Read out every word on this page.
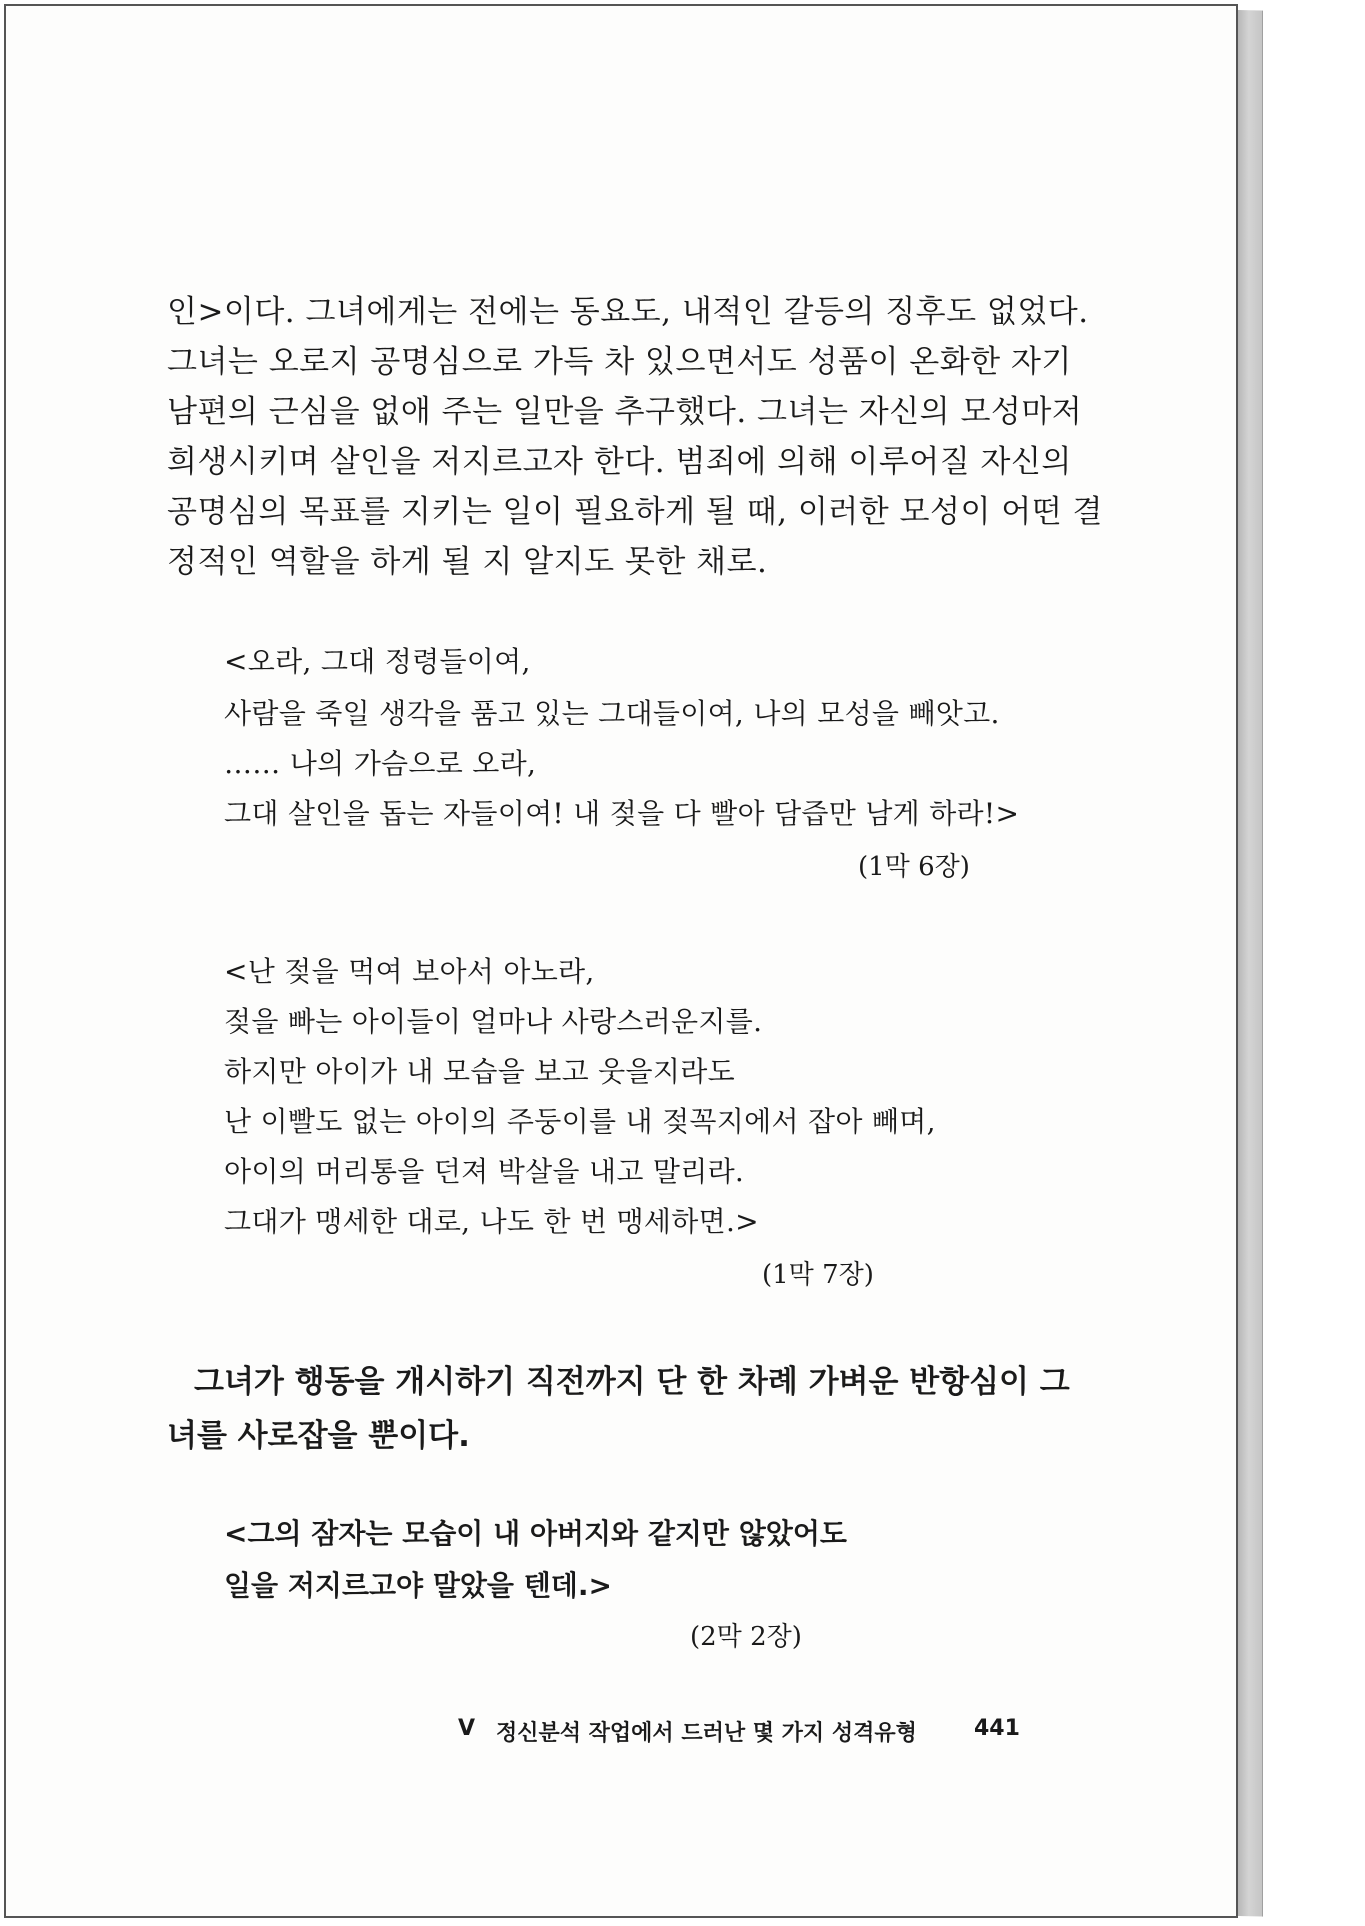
인>이다. 그녀에게는 전에는 동요도, 내적인 갈등의 징후도 없었다.
그녀는 오로지 공명심으로 가득 차 있으면서도 성품이 온화한 자기
남편의 근심을 없애 주는 일만을 추구했다. 그녀는 자신의 모성마저
희생시키며 살인을 저지르고자 한다. 범죄에 의해 이루어질 자신의
공명심의 목표를 지키는 일이 필요하게 될 때, 이러한 모성이 어떤 결
정적인 역할을 하게 될 지 알지도 못한 채로.
<오라, 그대 정령들이여,
사람을 죽일 생각을 품고 있는 그대들이여, 나의 모성을 빼앗고.
…… 나의 가슴으로 오라,
그대 살인을 돕는 자들이여! 내 젖을 다 빨아 담즙만 남게 하라!>
(1막 6장)
<난 젖을 먹여 보아서 아노라,
젖을 빠는 아이들이 얼마나 사랑스러운지를.
하지만 아이가 내 모습을 보고 웃을지라도
난 이빨도 없는 아이의 주둥이를 내 젖꼭지에서 잡아 빼며,
아이의 머리통을 던져 박살을 내고 말리라.
그대가 맹세한 대로, 나도 한 번 맹세하면.>
(1막 7장)
그녀가 행동을 개시하기 직전까지 단 한 차례 가벼운 반항심이 그
녀를 사로잡을 뿐이다.
<그의 잠자는 모습이 내 아버지와 같지만 않았어도
일을 저지르고야 말았을 텐데.>
(2막 2장)
V 정신분석 작업에서 드러난 몇 가지 성격유형	441
